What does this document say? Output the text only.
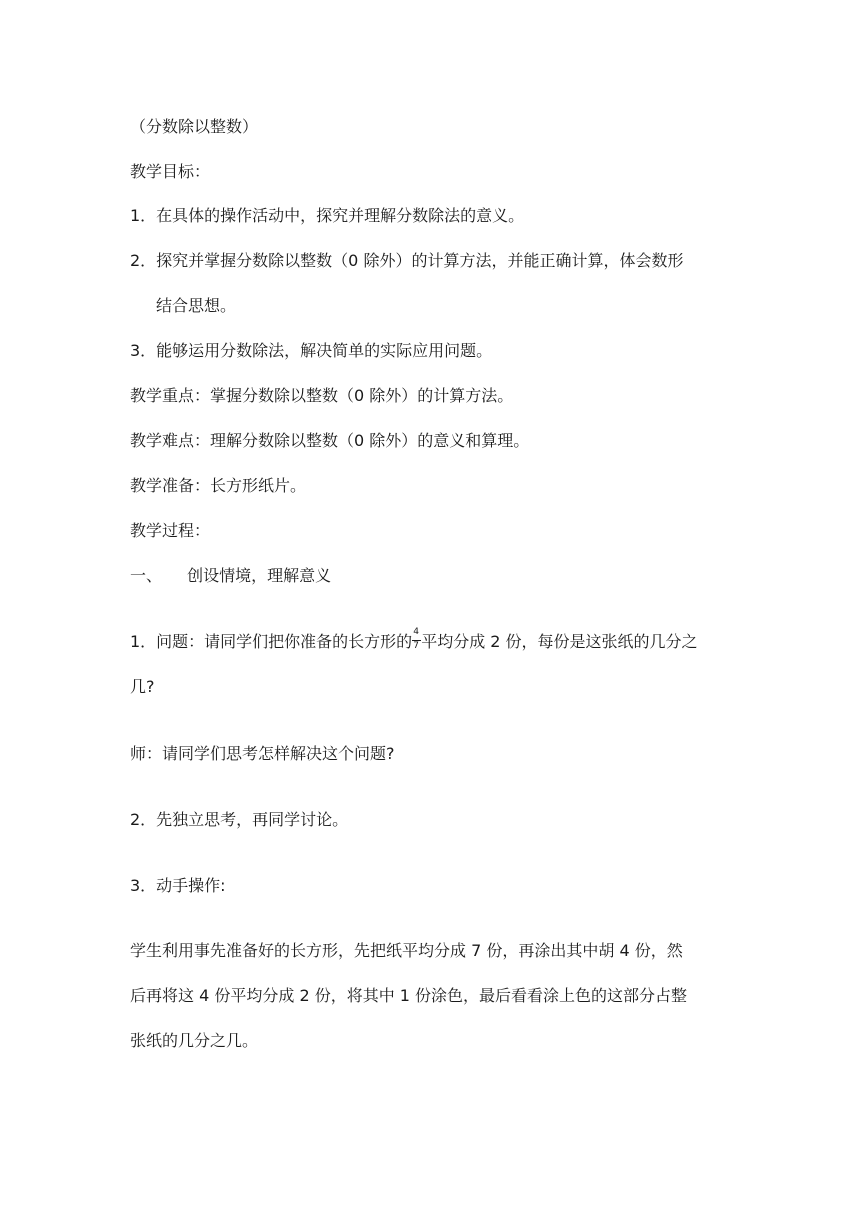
（分数除以整数）
教学目标：
1．在具体的操作活动中，探究并理解分数除法的意义。
2．探究并掌握分数除以整数（0 除外）的计算方法，并能正确计算，体会数形
结合思想。
3．能够运用分数除法，解决简单的实际应用问题。
教学重点：掌握分数除以整数（0 除外）的计算方法。
教学难点：理解分数除以整数（0 除外）的意义和算理。
教学准备：长方形纸片。
教学过程：
一、 创设情境，理解意义
1．问题：请同学们把你准备的长方形的 $\frac{4}{7}$ 平均分成 2 份，每份是这张纸的几分之
几?
师：请同学们思考怎样解决这个问题?
2．先独立思考，再同学讨论。
3．动手操作:
学生利用事先准备好的长方形，先把纸平均分成 7 份，再涂出其中胡 4 份，然
后再将这 4 份平均分成 2 份，将其中 1 份涂色，最后看看涂上色的这部分占整
张纸的几分之几。
